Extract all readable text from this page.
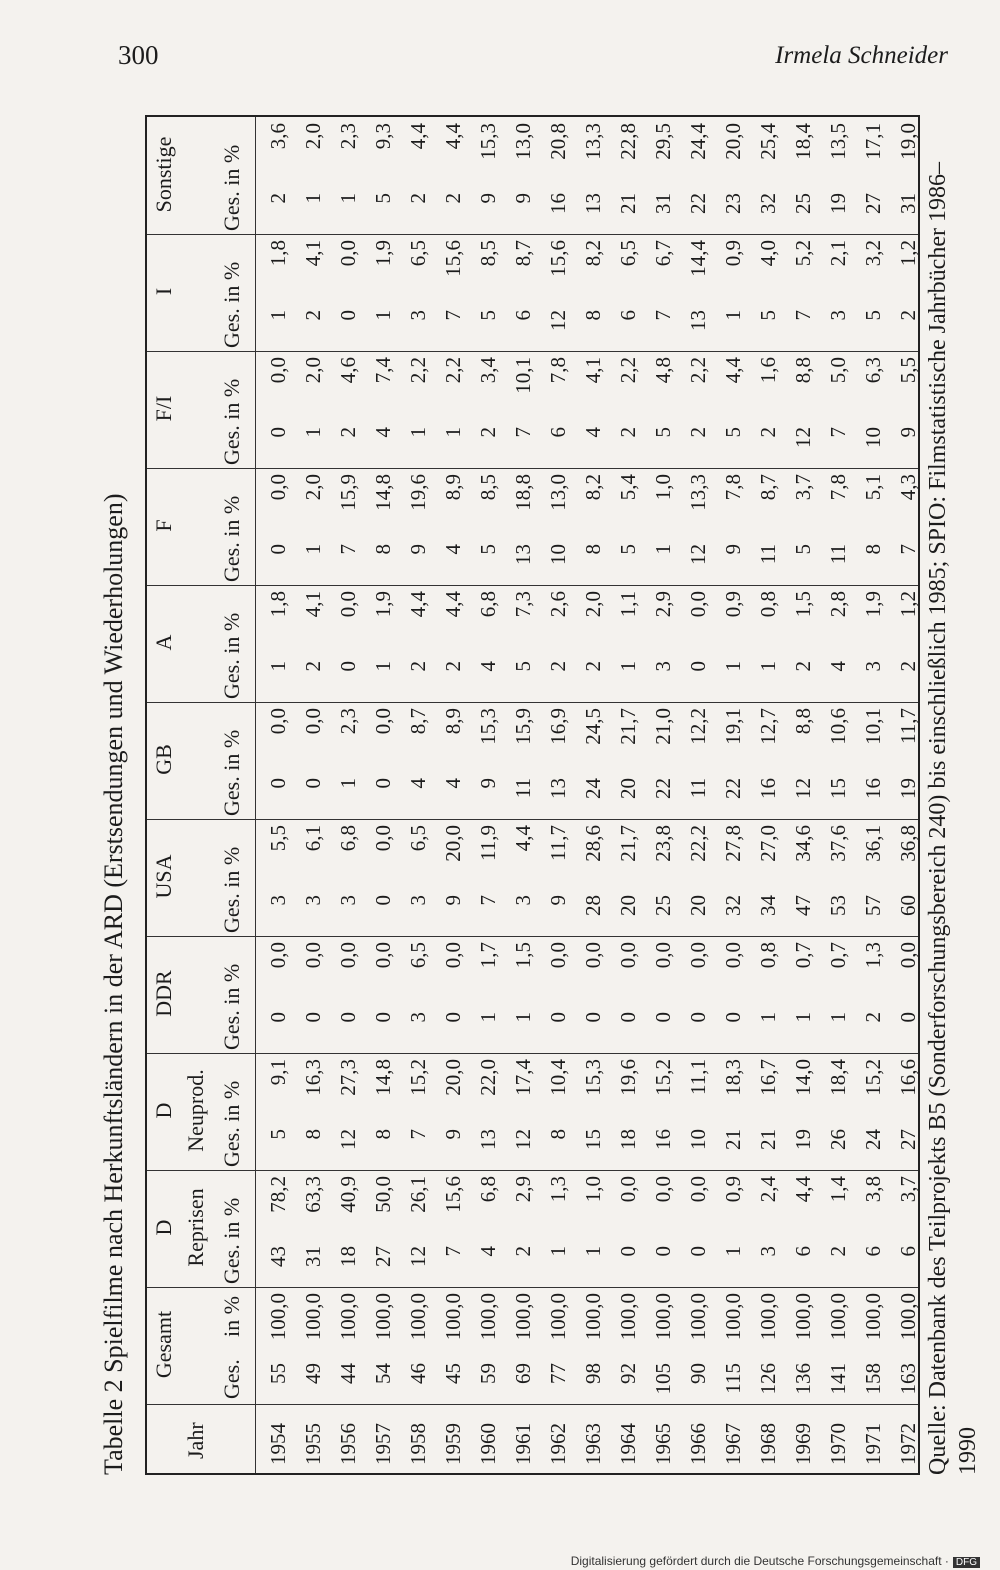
300	Irmela Schneider
Tabelle 2 Spielfilme nach Herkunftsländern in der ARD (Erstsendungen und Wiederholungen)	Jahr
Gesamt
Ges.
in %
D Reprisen Ges. in %
D Neuprod. Ges. in %
DDR Ges. in %
USA Ges. in %
GB Ges. in %
A Ges. in %
F Ges. in %
F/I Ges. in %
I Ges. in %
Sonstige Ges. in %
1954
55
100,0
43
78,2
5
9,1
0
0,0
3
5,5
0
0,0
1
1,8
0
0,0
0
0,0
1
1,8
2
3,6
1955
49
100,0
31
63,3
8
16,3
0
0,0
3
6,1
0
0,0
2
4,1
1
2,0
1
2,0
2
4,1
1
2,0
1956
44
100,0
18
40,9
12
27,3
0
0,0
3
6,8
1
2,3
0
0,0
7
15,9
2
4,6
0
0,0
1
2,3
1957
54
100,0
27
50,0
8
14,8
0
0,0
0
0,0
0
0,0
1
1,9
8
14,8
4
7,4
1
1,9
5
9,3
1958
46
100,0
12
26,1
7
15,2
3
6,5
3
6,5
4
8,7
2
4,4
9
19,6
1
2,2
3
6,5
2
4,4
1959
45
100,0
7
15,6
9
20,0
0
0,0
9
20,0
4
8,9
2
4,4
4
8,9
1
2,2
7
15,6
2
4,4
1960
59
100,0
4
6,8
13
22,0
1
1,7
7
11,9
9
15,3
4
6,8
5
8,5
2
3,4
5
8,5
9
15,3
1961
69
100,0
2
2,9
12
17,4
1
1,5
3
4,4
11
15,9
5
7,3
13
18,8
7
10,1
6
8,7
9
13,0
1962
77
100,0
1
1,3
8
10,4
0
0,0
9
11,7
13
16,9
2
2,6
10
13,0
6
7,8
12
15,6
16
20,8
1963
98
100,0
1
1,0
15
15,3
0
0,0
28
28,6
24
24,5
2
2,0
8
8,2
4
4,1
8
8,2
13
13,3
1964
92
100,0
0
0,0
18
19,6
0
0,0
20
21,7
20
21,7
1
1,1
5
5,4
2
2,2
6
6,5
21
22,8
1965
105
100,0
0
0,0
16
15,2
0
0,0
25
23,8
22
21,0
3
2,9
1
1,0
5
4,8
7
6,7
31
29,5
1966
90
100,0
0
0,0
10
11,1
0
0,0
20
22,2
11
12,2
0
0,0
12
13,3
2
2,2
13
14,4
22
24,4
1967
115
100,0
1
0,9
21
18,3
0
0,0
32
27,8
22
19,1
1
0,9
9
7,8
5
4,4
1
0,9
23
20,0
1968
126
100,0
3
2,4
21
16,7
1
0,8
34
27,0
16
12,7
1
0,8
11
8,7
2
1,6
5
4,0
32
25,4
1969
136
100,0
6
4,4
19
14,0
1
0,7
47
34,6
12
8,8
2
1,5
5
3,7
12
8,8
7
5,2
25
18,4
1970
141
100,0
2
1,4
26
18,4
1
0,7
53
37,6
15
10,6
4
2,8
11
7,8
7
5,0
3
2,1
19
13,5
1971
158
100,0
6
3,8
24
15,2
2
1,3
57
36,1
16
10,1
3
1,9
8
5,1
10
6,3
5
3,2
27
17,1
1972
163
100,0
6
3,7
27
16,6
0
0,0
60
36,8
19
11,7
2
1,2
7
4,3
9
5,5
2
1,2
31
19,0
Quelle: Datenbank des Teilprojekts B5 (Sonderforschungsbereich 240) bis einschließlich 1985; SPIO: Filmstatistische Jahrbücher 1986–1990
Digitalisierung gefördert durch die Deutsche Forschungsgemeinschaft · DFG
